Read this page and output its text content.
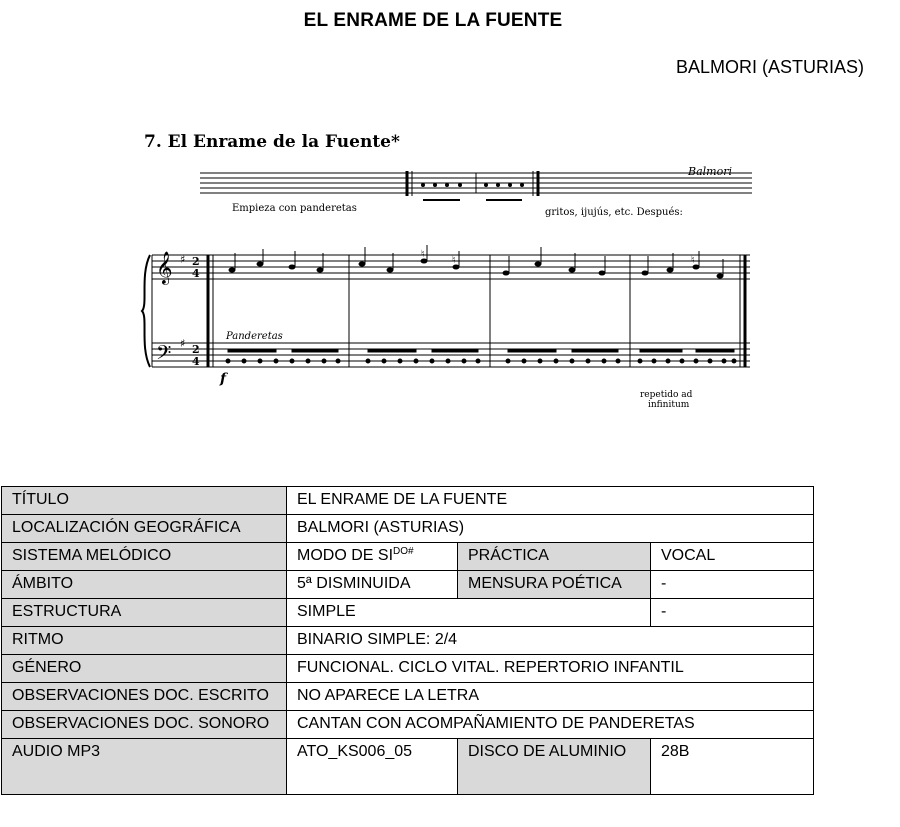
EL ENRAME DE LA FUENTE
BALMORI (ASTURIAS)
7. El Enrame de la Fuente*
Balmori
Empieza con panderetas	gritos, ijujús, etc. Después:
𝄞
𝄢
♯
♯
2
4
2
4
♮
♮	♮
Panderetas
f
repetido ad
infinitum
TÍTULO	EL ENRAME DE LA FUENTE		
LOCALIZACIÓN GEOGRÁFICA	BALMORI (ASTURIAS)		
SISTEMA MELÓDICO	MODO DE $SI^{DO\#}$	PRÁCTICA	VOCAL
ÁMBITO	5ª DISMINUIDA	MENSURA POÉTICA	-
ESTRUCTURA	SIMPLE		-
RITMO	BINARIO SIMPLE: 2/4		
GÉNERO	FUNCIONAL. CICLO VITAL. REPERTORIO INFANTIL		
OBSERVACIONES DOC. ESCRITO	NO APARECE LA LETRA		
OBSERVACIONES DOC. SONORO	CANTAN CON ACOMPAÑAMIENTO DE PANDERETAS		
AUDIO MP3	ATO_KS006_05	DISCO DE ALUMINIO	28B
